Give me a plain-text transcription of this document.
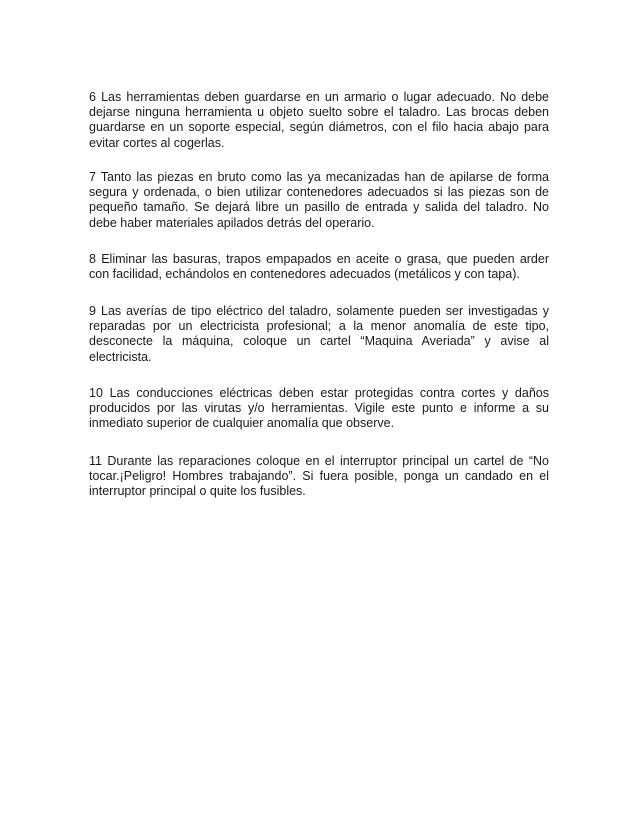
6 Las herramientas deben guardarse en un armario o lugar adecuado. No debe dejarse ninguna herramienta u objeto suelto sobre el taladro. Las brocas deben guardarse en un soporte especial, según diámetros, con el filo hacia abajo para evitar cortes al cogerlas.

7 Tanto las piezas en bruto como las ya mecanizadas han de apilarse de forma segura y ordenada, o bien utilizar contenedores adecuados si las piezas son de pequeño tamaño. Se dejará libre un pasillo de entrada y salida del taladro. No debe haber materiales apilados detrás del operario.

8 Eliminar las basuras, trapos empapados en aceite o grasa, que pueden arder con facilidad, echándolos en contenedores adecuados (metálicos y con tapa).

9 Las averías de tipo eléctrico del taladro, solamente pueden ser investigadas y reparadas por un electricista profesional; a la menor anomalía de este tipo, desconecte la máquina, coloque un cartel “Maquina Averiada” y avise al electricista.

10 Las conducciones eléctricas deben estar protegidas contra cortes y daños producidos por las virutas y/o herramientas. Vigile este punto e informe a su inmediato superior de cualquier anomalía que observe.

11 Durante las reparaciones coloque en el interruptor principal un cartel de “No tocar.¡Peligro! Hombres trabajando”. Si fuera posible, ponga un candado en el interruptor principal o quite los fusibles.
